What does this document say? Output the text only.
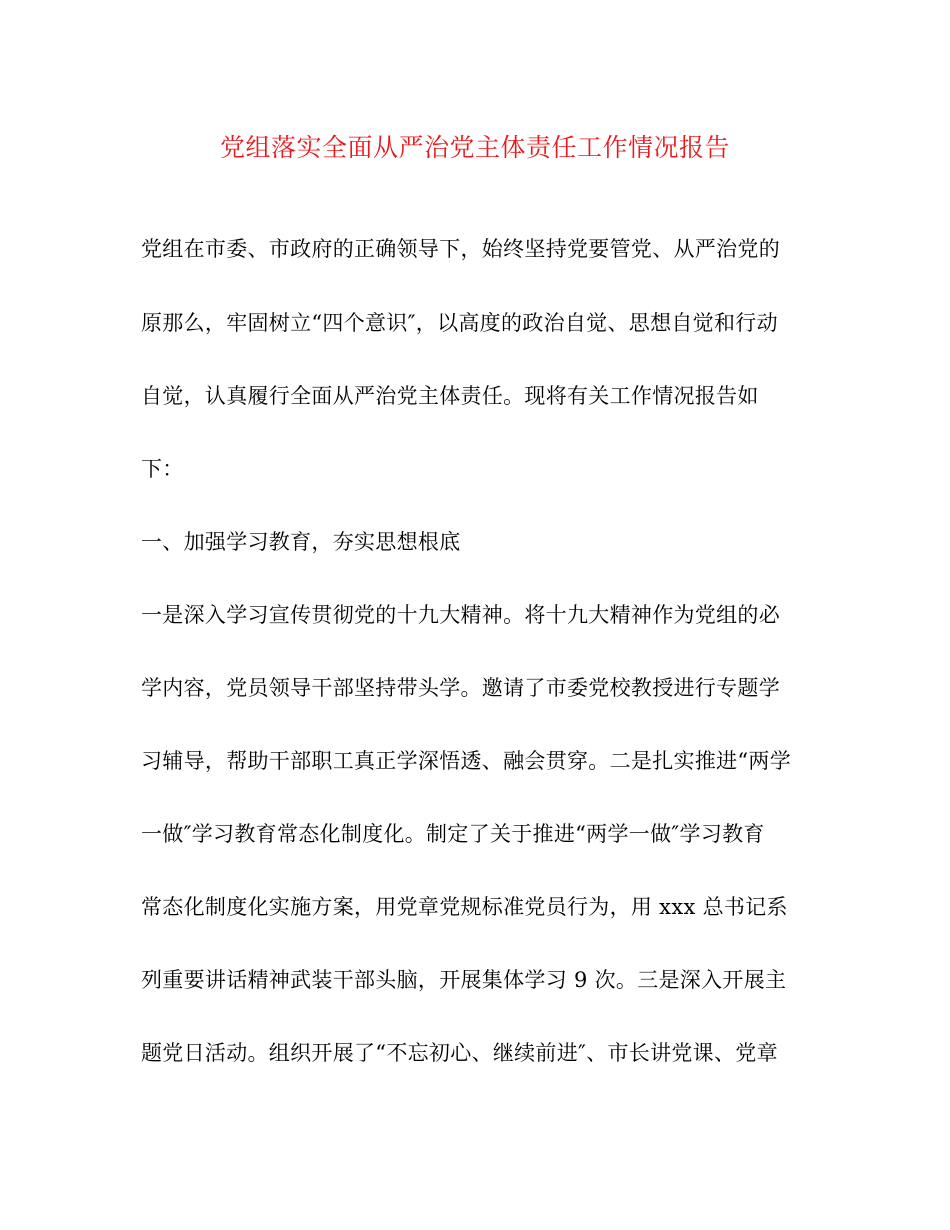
党组落实全面从严治党主体责任工作情况报告
党组在市委、市政府的正确领导下，始终坚持党要管党、从严治党的
原那么，牢固树立“四个意识″，以高度的政治自觉、思想自觉和行动
自觉，认真履行全面从严治党主体责任。现将有关工作情况报告如
下：
一、加强学习教育，夯实思想根底
一是深入学习宣传贯彻党的十九大精神。将十九大精神作为党组的必
学内容，党员领导干部坚持带头学。邀请了市委党校教授进行专题学
习辅导，帮助干部职工真正学深悟透、融会贯穿。二是扎实推进“两学
一做″学习教育常态化制度化。制定了关于推进“两学一做″学习教育
常态化制度化实施方案，用党章党规标准党员行为，用 xxx 总书记系
列重要讲话精神武装干部头脑，开展集体学习 9 次。三是深入开展主
题党日活动。组织开展了“不忘初心、继续前进″、市长讲党课、党章
